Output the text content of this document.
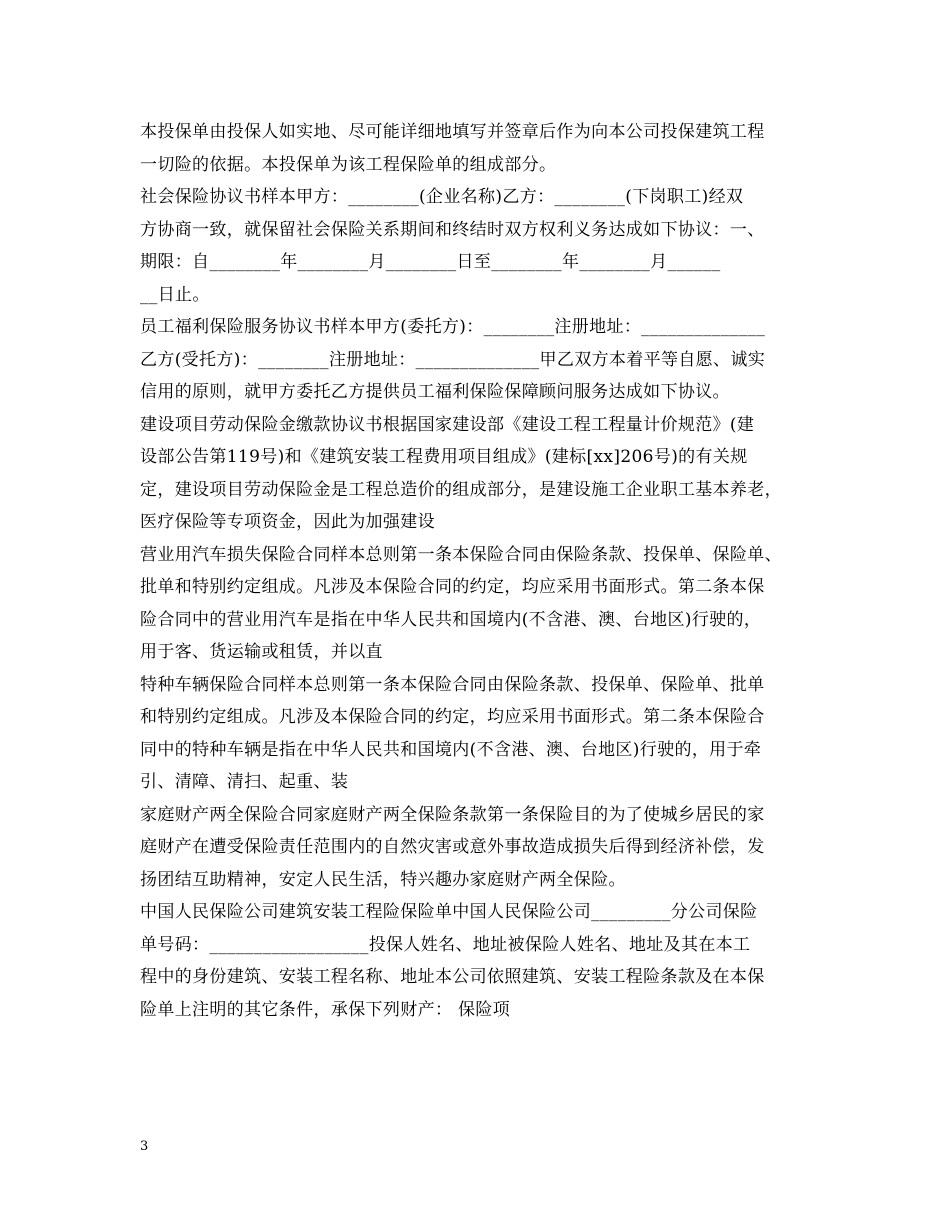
本投保单由投保人如实地、尽可能详细地填写并签章后作为向本公司投保建筑工程
一切险的依据。本投保单为该工程保险单的组成部分。
社会保险协议书样本甲方：________(企业名称)乙方：________(下岗职工)经双
方协商一致，就保留社会保险关系期间和终结时双方权利义务达成如下协议：一、
期限：自________年________月________日至________年________月______
__日止。
员工福利保险服务协议书样本甲方(委托方)：________注册地址：______________
乙方(受托方)：________注册地址：______________甲乙双方本着平等自愿、诚实
信用的原则，就甲方委托乙方提供员工福利保险保障顾问服务达成如下协议。
建设项目劳动保险金缴款协议书根据国家建设部《建设工程工程量计价规范》(建
设部公告第119号)和《建筑安装工程费用项目组成》(建标[xx]206号)的有关规
定，建设项目劳动保险金是工程总造价的组成部分，是建设施工企业职工基本养老，
医疗保险等专项资金，因此为加强建设
营业用汽车损失保险合同样本总则第一条本保险合同由保险条款、投保单、保险单、
批单和特别约定组成。凡涉及本保险合同的约定，均应采用书面形式。第二条本保
险合同中的营业用汽车是指在中华人民共和国境内(不含港、澳、台地区)行驶的，
用于客、货运输或租赁，并以直
特种车辆保险合同样本总则第一条本保险合同由保险条款、投保单、保险单、批单
和特别约定组成。凡涉及本保险合同的约定，均应采用书面形式。第二条本保险合
同中的特种车辆是指在中华人民共和国境内(不含港、澳、台地区)行驶的，用于牵
引、清障、清扫、起重、装
家庭财产两全保险合同家庭财产两全保险条款第一条保险目的为了使城乡居民的家
庭财产在遭受保险责任范围内的自然灾害或意外事故造成损失后得到经济补偿，发
扬团结互助精神，安定人民生活，特兴趣办家庭财产两全保险。
中国人民保险公司建筑安装工程险保险单中国人民保险公司_________分公司保险
单号码：__________________投保人姓名、地址被保险人姓名、地址及其在本工
程中的身份建筑、安装工程名称、地址本公司依照建筑、安装工程险条款及在本保
险单上注明的其它条件，承保下列财产： 保险项
3
